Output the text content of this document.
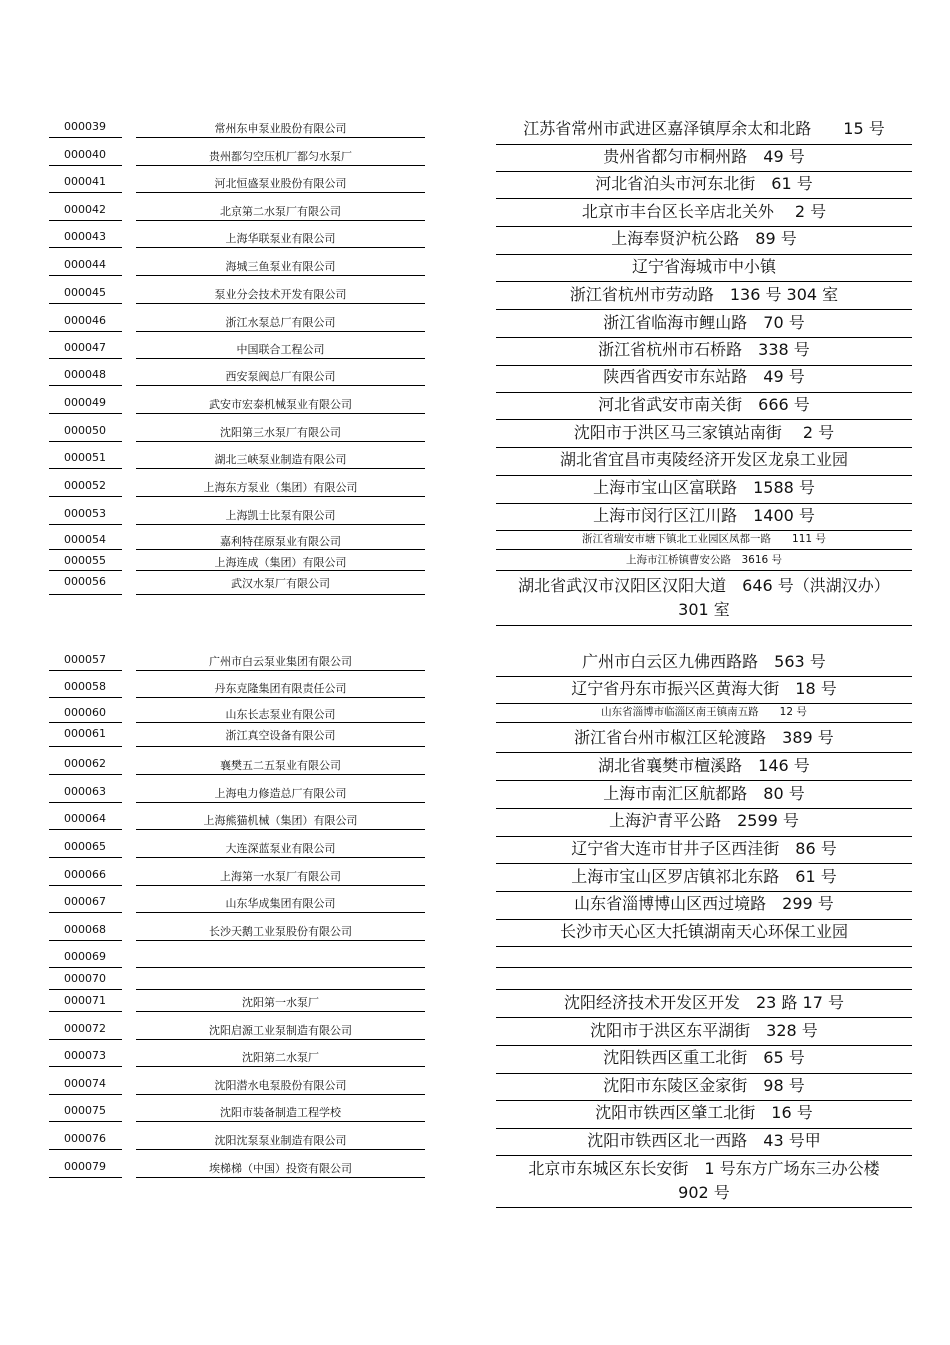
000039	常州东申泵业股份有限公司	江苏省常州市武进区嘉泽镇厚余太和北路　　15 号
000040	贵州都匀空压机厂都匀水泵厂	贵州省都匀市桐州路　49 号
000041	河北恒盛泵业股份有限公司	河北省泊头市河东北街　61 号
000042	北京第二水泵厂有限公司	北京市丰台区长辛店北关外　 2 号
000043	上海华联泵业有限公司	上海奉贤沪杭公路　89 号
000044	海城三鱼泵业有限公司	辽宁省海城市中小镇
000045	泵业分会技术开发有限公司	浙江省杭州市劳动路　136 号 304 室
000046	浙江水泵总厂有限公司	浙江省临海市鲤山路　70 号
000047	中国联合工程公司	浙江省杭州市石桥路　338 号
000048	西安泵阀总厂有限公司	陕西省西安市东站路　49 号
000049	武安市宏泰机械泵业有限公司	河北省武安市南关街　666 号
000050	沈阳第三水泵厂有限公司	沈阳市于洪区马三家镇站南街　 2 号
000051	湖北三峡泵业制造有限公司	湖北省宜昌市夷陵经济开发区龙泉工业园
000052	上海东方泵业（集团）有限公司	上海市宝山区富联路　1588 号
000053	上海凯士比泵有限公司	上海市闵行区江川路　1400 号
000054	嘉利特荏原泵业有限公司	浙江省瑞安市塘下镇北工业园区凤都一路　　111 号
000055	上海连成（集团）有限公司	上海市江桥镇曹安公路　3616 号
000056	武汉水泵厂有限公司	湖北省武汉市汉阳区汉阳大道　646 号（洪湖汉办）
301 室
000057	广州市白云泵业集团有限公司	广州市白云区九佛西路路　563 号
000058	丹东克隆集团有限责任公司	辽宁省丹东市振兴区黄海大街　18 号
000060	山东长志泵业有限公司	山东省淄博市临淄区南王镇南五路　　12 号
000061	浙江真空设备有限公司	浙江省台州市椒江区轮渡路　389 号
000062	襄樊五二五泵业有限公司	湖北省襄樊市檀溪路　146 号
000063	上海电力修造总厂有限公司	上海市南汇区航都路　80 号
000064	上海熊猫机械（集团）有限公司	上海沪青平公路　2599 号
000065	大连深蓝泵业有限公司	辽宁省大连市甘井子区西洼街　86 号
000066	上海第一水泵厂有限公司	上海市宝山区罗店镇祁北东路　61 号
000067	山东华成集团有限公司	山东省淄博博山区西过境路　299 号
000068	长沙天鹅工业泵股份有限公司	长沙市天心区大托镇湖南天心环保工业园
000069
000070
000071	沈阳第一水泵厂	沈阳经济技术开发区开发　23 路 17 号
000072	沈阳启源工业泵制造有限公司	沈阳市于洪区东平湖街　328 号
000073	沈阳第二水泵厂	沈阳铁西区重工北街　65 号
000074	沈阳潜水电泵股份有限公司	沈阳市东陵区金家街　98 号
000075	沈阳市装备制造工程学校	沈阳市铁西区肇工北街　16 号
000076	沈阳沈泵泵业制造有限公司	沈阳市铁西区北一西路　43 号甲
000079	埃梯梯（中国）投资有限公司	北京市东城区东长安街　1 号东方广场东三办公楼
902 号
